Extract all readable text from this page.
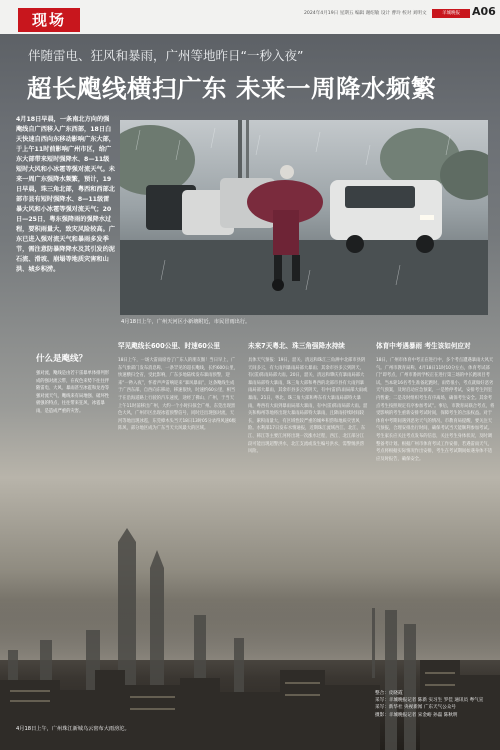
现场	2024年4月19日 星期五 编辑 谢绍敏 设计 曹玲 校对 刘明文	羊城晚报	A06
伴随雷电、狂风和暴雨，广州等地昨日“一秒入夜”
超长飑线横扫广东 未来一周降水频繁

4月18日早晨，一条南北方向的强飑线自广西移入广东西部，18日白天快速自西向东移动影响广东大部，于上午11时前影响广州市区，给广东大部带来短时强降水、8—11级短时大风和小冰雹等强对流天气。未来一周广东强降水频繁，预计，19日早晨，珠三角北部，粤西和西部北部市县有短时强降水、8—11级雷暴大风和小冰雹等强对流天气；20日—25日，粤东强降雨的强降水过程，要积雨量大，致灾风险较高。广东已进入强对流天气和暴雨多发季节，需注意防暴降降水及其引发的泥石流、滑坡、崩塌等地质灾害和山洪、城乡积涝。

4月18日上午，广州天河区小新塘附近，市民冒雨出行。
什么是飑线？

强对流，飑线是由若干雷暴单体排列形成的强对流云带，在夜色来势下往往伴随雷电、大风、暴雨甚至冰雹和龙卷等强对流天气，飑线来有局地强、破坏性极强的特点，往往带来狂风、冰雹暴雨，是造成严重的灾害。

罕见飑线长600公里、时速60公里

18日上午，一场大雷雨席卷了广东人的朋友圈！当日早上，广东气象部门发布消息称，一条罕见的超长飑线，长约600公里，快速横扫全省，受此影响，广东多地陆续发布暴雨预警，迎来“一秒入夜”，怀着声声雷响迎来“暴风暴雨”，这条飑线生成于广西东部，自西向东移动，移速很快，时速约60公里，相当于在沿海道路上行驶的汽车速度，途经了佛山、广州，于当天上午11时前移出广州，大约一个小时扫掠全广州。东莞出现黑色大风，广州市区出现冰雹预警信号，同时还出现强对流，天河等地出现冰雹，东莞樟木头当天18日13时05分录得风速6级阵风，部分地区成为广东当天大风最大的区域。

未来7天粤北、珠三角强降水持续

具体天气预报：19日，韶关、清远和珠江三角洲中北部市县阴天间多云，有大雨到暴雨局部大暴雨；其余市县多云到阴天，有(雷)阵雨局部大雨。20日，韶关、清远和肇庆有暴雨局部大暴雨局部特大暴雨，珠三角大部和粤西的北部市县有大雨到暴雨局部大暴雨，其余市县多云到阴天，有中(雷)阵雨局部大雨或暴雨。21日，粤北、珠三角大部和粤东有大暴雨局部特大暴雨，粤西有大雨到暴雨局部大暴雨，有中(雷)阵雨局部大雨。韶关和梅州等地将出现大暴雨局部特大暴雨，且降雨持续时间较长，累积雨量大，有区域性较严重的城乡积涝和地质灾害风险。水利部17日发布水情通报，近期珠江流域西江、北江、东江、韩江等主要江河将出现一次涨水过程，西江、北江部分江段可能出现超警洪水，北江支流或发生编号洪水，需警惕洪涝风险。

体育中考遇暴雨 考生该如何应对

18日，广州市体育中考正在进行中，多个考点遭遇暴雨大风天气。广州市教育局称，4月18日11时10分左右，体育考试部门“即考点，广州市番禺学校正在进行第三场的中长跑项目考试，当本轮16名考生准备起跑时，雨势很小，考点就做好恶劣天气预案，及时启动应急预案，一是暂停考试，安排考生到室内暂避；二是及时组织考生有序离场，确保考生安全。其余考点考生按照规定有序参加考试”。事后，市教育局联合考点，将受影响的考生重新安排考试时间，保障考生的合法权益。对于体育中考期间遇到恶劣天气的情况，市教育局提醒，要关注天气预报，合理安排出行时间，确保考试当天能顺利参加考试。考生家长应关注考点发布的信息，关注考生身体状况，及时调整备考计划。根据广州市体育考试工作安排，若遇雷雨天气，考点将根据实际情况作出安排，考生在考试期间如遇身体不适应及时报告，确保安全。

整合：皮晓霞
采写：羊城晚报记者 陈新 实习生 罗佳 通讯员 粤气宣
采写：新华社 央视新闻 广东天气公众号
摄影：羊城晚报记者 宋金峪 孙磊 陈秋明
4月18日上午，广州珠江新城乌云密布大雨滂沱。
